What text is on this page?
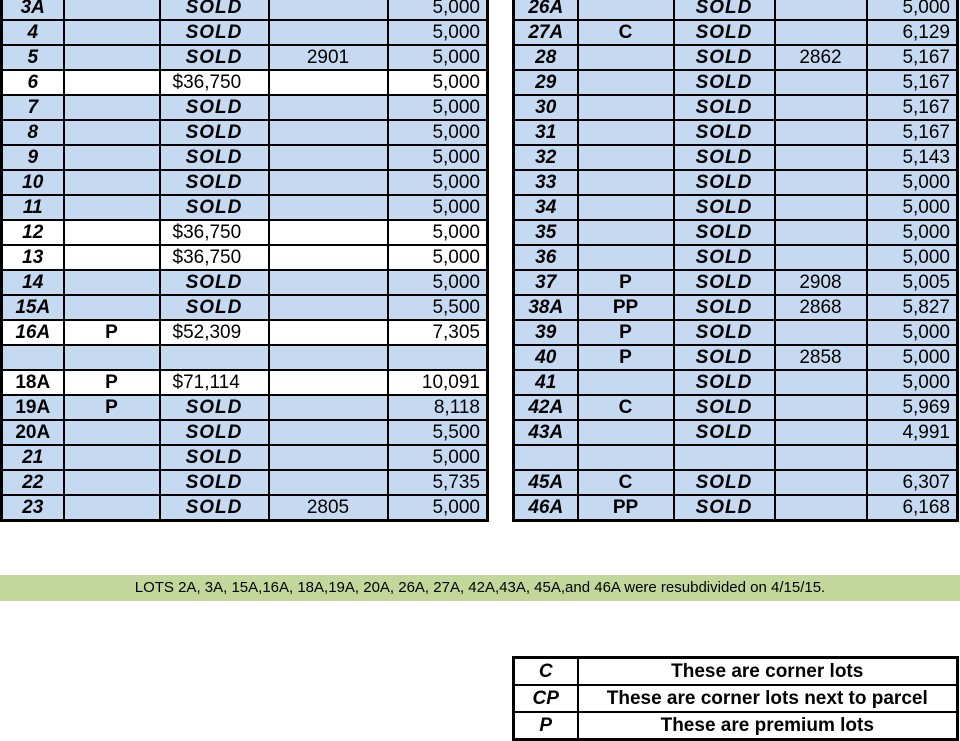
3A		SOLD		5,000
4		SOLD		5,000
5		SOLD	2901	5,000
6		$36,750		5,000
7		SOLD		5,000
8		SOLD		5,000
9		SOLD		5,000
10		SOLD		5,000
11		SOLD		5,000
12		$36,750		5,000
13		$36,750		5,000
14		SOLD		5,000
15A		SOLD		5,500
16A	P	$52,309		7,305

18A	P	$71,114		10,091
19A	P	SOLD		8,118
20A		SOLD		5,500
21		SOLD		5,000
22		SOLD		5,735
23		SOLD	2805	5,000
26A		SOLD		5,000
27A	C	SOLD		6,129
28		SOLD	2862	5,167
29		SOLD		5,167
30		SOLD		5,167
31		SOLD		5,167
32		SOLD		5,143
33		SOLD		5,000
34		SOLD		5,000
35		SOLD		5,000
36		SOLD		5,000
37	P	SOLD	2908	5,005
38A	PP	SOLD	2868	5,827
39	P	SOLD		5,000
40	P	SOLD	2858	5,000
41		SOLD		5,000
42A	C	SOLD		5,969
43A		SOLD		4,991

45A	C	SOLD		6,307
46A	PP	SOLD		6,168
LOTS 2A, 3A, 15A,16A, 18A,19A, 20A, 26A, 27A, 42A,43A, 45A,and 46A were resubdivided on 4/15/15.
C	These are corner lots
CP	These are corner lots next to parcel
P	These are premium lots
